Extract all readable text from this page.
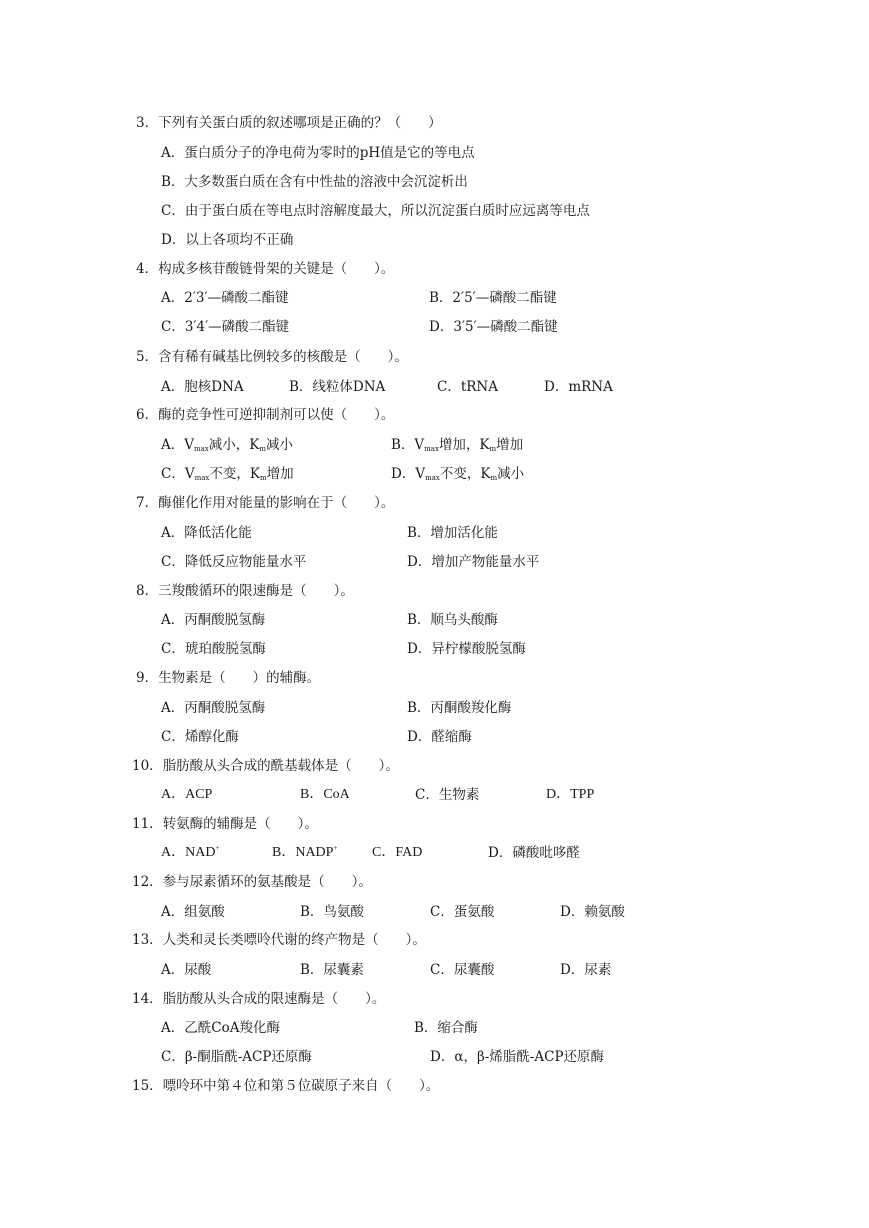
3．下列有关蛋白质的叙述哪项是正确的？（　　）
A．蛋白质分子的净电荷为零时的pH值是它的等电点
B．大多数蛋白质在含有中性盐的溶液中会沉淀析出
C．由于蛋白质在等电点时溶解度最大，所以沉淀蛋白质时应远离等电点
D．以上各项均不正确
4．构成多核苷酸链骨架的关键是（　　）。
A．2′3′—磷酸二酯键	B．2′5′—磷酸二酯键
C．3′4′—磷酸二酯键	D．3′5′—磷酸二酯键
5．含有稀有碱基比例较多的核酸是（　　）。
A．胞核DNA	B．线粒体DNA	C．tRNA	D．mRNA
6．酶的竞争性可逆抑制剂可以使（　　）。
A．$V_{max}$减小，$K_m$减小	B．$V_{max}$增加，$K_m$增加
C．$V_{max}$不变，$K_m$增加	D．$V_{max}$不变，$K_m$减小
7．酶催化作用对能量的影响在于（　　）。
A．降低活化能	B．增加活化能
C．降低反应物能量水平	D．增加产物能量水平
8．三羧酸循环的限速酶是（　　）。
A．丙酮酸脱氢酶	B．顺乌头酸酶
C．琥珀酸脱氢酶	D．异柠檬酸脱氢酶
9．生物素是（　　）的辅酶。
A．丙酮酸脱氢酶	B．丙酮酸羧化酶
C．烯醇化酶	D．醛缩酶
10．脂肪酸从头合成的酰基载体是（　　）。
A．ACP	B．CoA	C．生物素	D．TPP
11．转氨酶的辅酶是（　　）。
A．NAD+	B．NADP+ C．FAD	D．磷酸吡哆醛
12．参与尿素循环的氨基酸是（　　）。
A．组氨酸	B．鸟氨酸	C．蛋氨酸	D．赖氨酸
13．人类和灵长类嘌呤代谢的终产物是（　　）。
A．尿酸	B．尿囊素	C．尿囊酸	D．尿素
14．脂肪酸从头合成的限速酶是（　　）。
A．乙酰CoA羧化酶	B．缩合酶
C．β-酮脂酰-ACP还原酶	D．α，β-烯脂酰-ACP还原酶
15．嘌呤环中第４位和第５位碳原子来自（　　）。
